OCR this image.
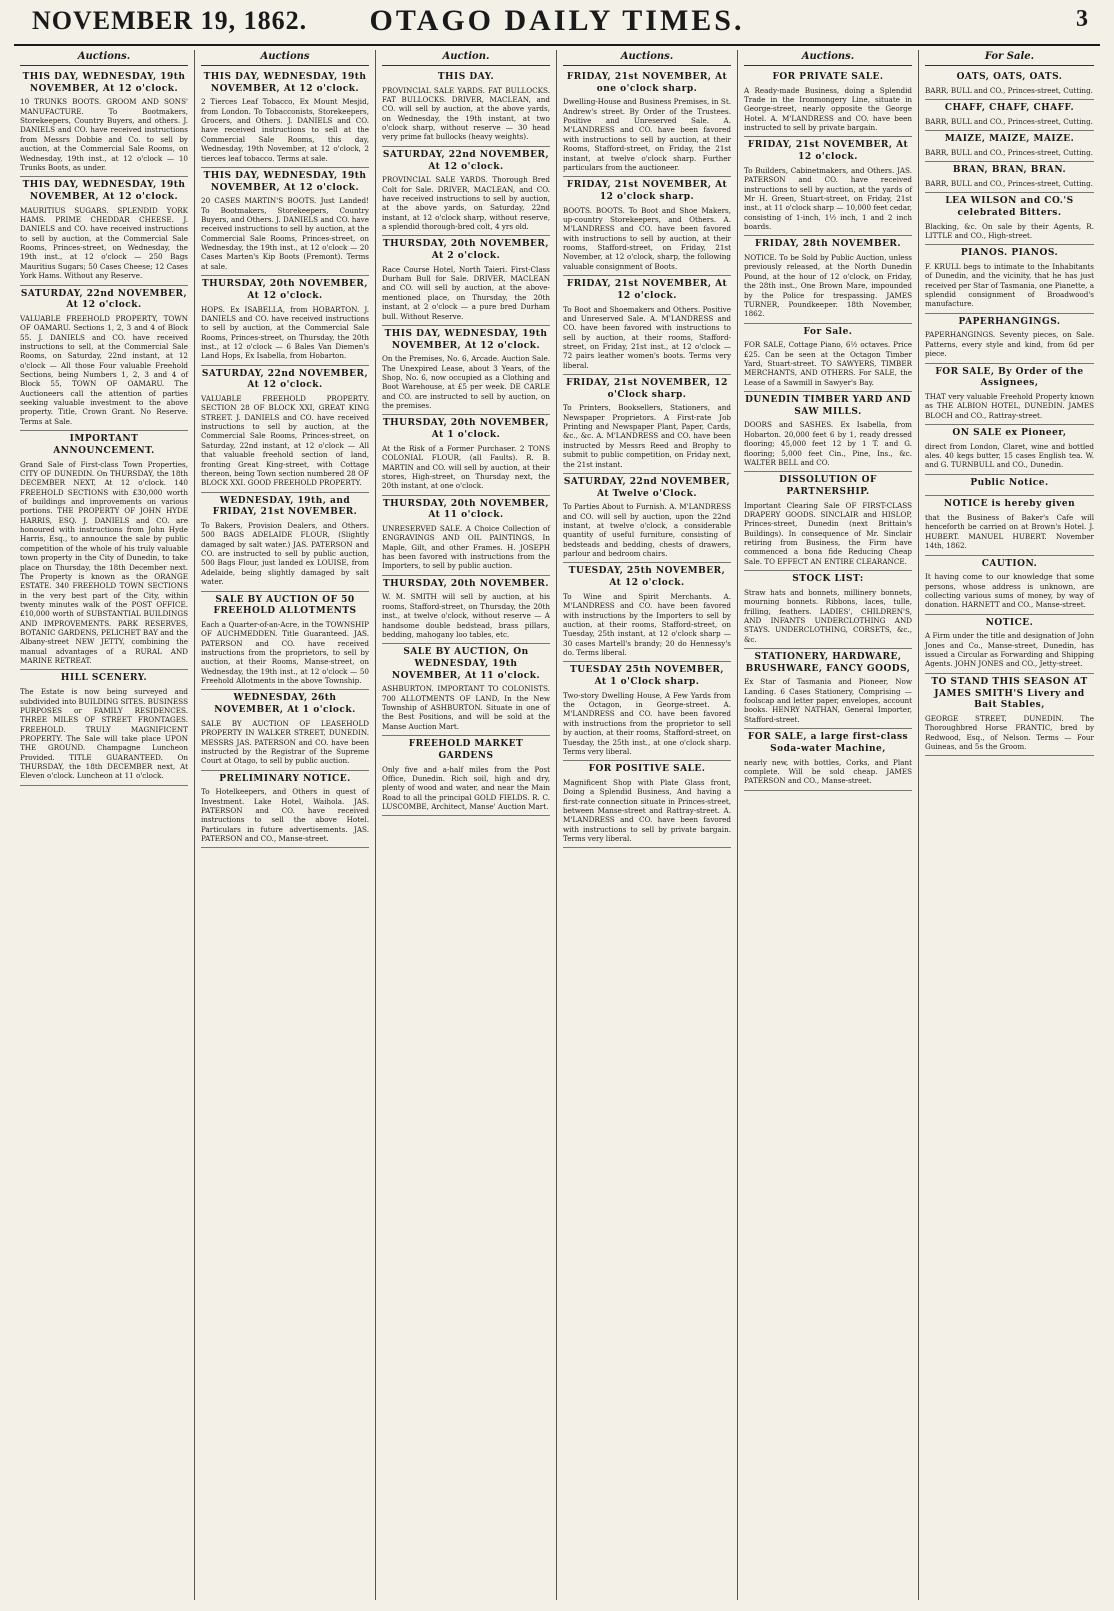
NOVEMBER 19, 1862.	OTAGO DAILY TIMES.	3
Auctions.
THIS DAY, WEDNESDAY, 19th NOVEMBER, At 12 o'clock.
10 TRUNKS BOOTS. GROOM AND SONS' MANUFACTURE. To Bootmakers, Storekeepers, Country Buyers, and others. J. DANIELS and CO. have received instructions from Messrs Dobbie and Co. to sell by auction, at the Commercial Sale Rooms, on Wednesday, 19th inst., at 12 o'clock — 10 Trunks Boots, as under.
THIS DAY, WEDNESDAY, 19th NOVEMBER, At 12 o'clock.
MAURITIUS SUGARS. SPLENDID YORK HAMS. PRIME CHEDDAR CHEESE. J. DANIELS and CO. have received instructions to sell by auction, at the Commercial Sale Rooms, Princes-street, on Wednesday, the 19th inst., at 12 o'clock — 250 Bags Mauritius Sugars; 50 Cases Cheese; 12 Cases York Hams. Without any Reserve.
SATURDAY, 22nd NOVEMBER, At 12 o'clock.
VALUABLE FREEHOLD PROPERTY, TOWN OF OAMARU. Sections 1, 2, 3 and 4 of Block 55. J. DANIELS and CO. have received instructions to sell, at the Commercial Sale Rooms, on Saturday, 22nd instant, at 12 o'clock — All those Four valuable Freehold Sections, being Numbers 1, 2, 3 and 4 of Block 55, TOWN OF OAMARU. The Auctioneers call the attention of parties seeking valuable investment to the above property. Title, Crown Grant. No Reserve. Terms at Sale.
IMPORTANT ANNOUNCEMENT.
Grand Sale of First-class Town Properties, CITY OF DUNEDIN. On THURSDAY, the 18th DECEMBER NEXT, At 12 o'clock. 140 FREEHOLD SECTIONS with £30,000 worth of buildings and improvements on various portions. THE PROPERTY OF JOHN HYDE HARRIS, ESQ. J. DANIELS and CO. are honoured with instructions from John Hyde Harris, Esq., to announce the sale by public competition of the whole of his truly valuable town property in the City of Dunedin, to take place on Thursday, the 18th December next. The Property is known as the ORANGE ESTATE. 340 FREEHOLD TOWN SECTIONS in the very best part of the City, within twenty minutes walk of the POST OFFICE. £10,000 worth of SUBSTANTIAL BUILDINGS AND IMPROVEMENTS. PARK RESERVES, BOTANIC GARDENS, PELICHET BAY and the Albany-street NEW JETTY, combining the manual advantages of a RURAL AND MARINE RETREAT.
HILL SCENERY.
The Estate is now being surveyed and subdivided into BUILDING SITES. BUSINESS PURPOSES or FAMILY RESIDENCES. THREE MILES OF STREET FRONTAGES. FREEHOLD. TRULY MAGNIFICENT PROPERTY. The Sale will take place UPON THE GROUND. Champagne Luncheon Provided. TITLE GUARANTEED. On THURSDAY, the 18th DECEMBER next, At Eleven o'clock. Luncheon at 11 o'clock.
Auctions
THIS DAY, WEDNESDAY, 19th NOVEMBER, At 12 o'clock.
2 Tierces Leaf Tobacco, Ex Mount Mesjid, from London. To Tobacconists, Storekeepers, Grocers, and Others. J. DANIELS and CO. have received instructions to sell at the Commercial Sale Rooms, this day, Wednesday, 19th November, at 12 o'clock, 2 tierces leaf tobacco. Terms at sale.
THIS DAY, WEDNESDAY, 19th NOVEMBER, At 12 o'clock.
20 CASES MARTIN'S BOOTS. Just Landed! To Bootmakers, Storekeepers, Country Buyers, and Others. J. DANIELS and CO. have received instructions to sell by auction, at the Commercial Sale Rooms, Princes-street, on Wednesday, the 19th inst., at 12 o'clock — 20 Cases Marten's Kip Boots (Fremont). Terms at sale.
THURSDAY, 20th NOVEMBER, At 12 o'clock.
HOPS. Ex ISABELLA, from HOBARTON. J. DANIELS and CO. have received instructions to sell by auction, at the Commercial Sale Rooms, Princes-street, on Thursday, the 20th inst., at 12 o'clock — 6 Bales Van Diemen's Land Hops, Ex Isabella, from Hobarton.
SATURDAY, 22nd NOVEMBER, At 12 o'clock.
VALUABLE FREEHOLD PROPERTY. SECTION 28 OF BLOCK XXI, GREAT KING STREET. J. DANIELS and CO. have received instructions to sell by auction, at the Commercial Sale Rooms, Princes-street, on Saturday, 22nd instant, at 12 o'clock — All that valuable freehold section of land, fronting Great King-street, with Cottage thereon, being Town section numbered 28 OF BLOCK XXI. GOOD FREEHOLD PROPERTY.
WEDNESDAY, 19th, and FRIDAY, 21st NOVEMBER.
To Bakers, Provision Dealers, and Others. 500 BAGS ADELAIDE FLOUR, (Slightly damaged by salt water.) JAS. PATERSON and CO. are instructed to sell by public auction, 500 Bags Flour, just landed ex LOUISE, from Adelaide, being slightly damaged by salt water.
SALE BY AUCTION OF 50 FREEHOLD ALLOTMENTS
Each a Quarter-of-an-Acre, in the TOWNSHIP OF AUCHMEDDEN. Title Guaranteed. JAS. PATERSON and CO. have received instructions from the proprietors, to sell by auction, at their Rooms, Manse-street, on Wednesday, the 19th inst., at 12 o'clock — 50 Freehold Allotments in the above Township.
WEDNESDAY, 26th NOVEMBER, At 1 o'clock.
SALE BY AUCTION OF LEASEHOLD PROPERTY IN WALKER STREET, DUNEDIN. MESSRS JAS. PATERSON and CO. have been instructed by the Registrar of the Supreme Court at Otago, to sell by public auction.
PRELIMINARY NOTICE.
To Hotelkeepers, and Others in quest of Investment. Lake Hotel, Waihola. JAS. PATERSON and CO. have received instructions to sell the above Hotel. Particulars in future advertisements. JAS. PATERSON and CO., Manse-street.
Auction.
THIS DAY.
PROVINCIAL SALE YARDS. FAT BULLOCKS. FAT BULLOCKS. DRIVER, MACLEAN, and CO. will sell by auction, at the above yards, on Wednesday, the 19th instant, at two o'clock sharp, without reserve — 30 head very prime fat bullocks (heavy weights).
SATURDAY, 22nd NOVEMBER, At 12 o'clock.
PROVINCIAL SALE YARDS. Thorough Bred Colt for Sale. DRIVER, MACLEAN, and CO. have received instructions to sell by auction, at the above yards, on Saturday, 22nd instant, at 12 o'clock sharp, without reserve, a splendid thorough-bred colt, 4 yrs old.
THURSDAY, 20th NOVEMBER, At 2 o'clock.
Race Course Hotel, North Taieri. First-Class Durham Bull for Sale. DRIVER, MACLEAN and CO. will sell by auction, at the above-mentioned place, on Thursday, the 20th instant, at 2 o'clock — a pure bred Durham bull. Without Reserve.
THIS DAY, WEDNESDAY, 19th NOVEMBER, At 12 o'clock.
On the Premises, No. 6, Arcade. Auction Sale. The Unexpired Lease, about 3 Years, of the Shop, No. 6, now occupied as a Clothing and Boot Warehouse, at £5 per week. DE CARLE and CO. are instructed to sell by auction, on the premises.
THURSDAY, 20th NOVEMBER, At 1 o'clock.
At the Risk of a Former Purchaser. 2 TONS COLONIAL FLOUR, (all Faults). R. B. MARTIN and CO. will sell by auction, at their stores, High-street, on Thursday next, the 20th instant, at one o'clock.
THURSDAY, 20th NOVEMBER, At 11 o'clock.
UNRESERVED SALE. A Choice Collection of ENGRAVINGS AND OIL PAINTINGS, In Maple, Gilt, and other Frames. H. JOSEPH has been favored with instructions from the Importers, to sell by public auction.
THURSDAY, 20th NOVEMBER.
W. M. SMITH will sell by auction, at his rooms, Stafford-street, on Thursday, the 20th inst., at twelve o'clock, without reserve — A handsome double bedstead, brass pillars, bedding, mahogany loo tables, etc.
SALE BY AUCTION, On WEDNESDAY, 19th NOVEMBER, At 11 o'clock.
ASHBURTON. IMPORTANT TO COLONISTS. 700 ALLOTMENTS OF LAND, In the New Township of ASHBURTON. Situate in one of the Best Positions, and will be sold at the Manse Auction Mart.
FREEHOLD MARKET GARDENS
Only five and a-half miles from the Post Office, Dunedin. Rich soil, high and dry, plenty of wood and water, and near the Main Road to all the principal GOLD FIELDS. R. C. LUSCOMBE, Architect, Manse' Auction Mart.
Auctions.
FRIDAY, 21st NOVEMBER, At one o'clock sharp.
Dwelling-House and Business Premises, in St. Andrew's street. By Order of the Trustees. Positive and Unreserved Sale. A. M'LANDRESS and CO. have been favored with instructions to sell by auction, at their Rooms, Stafford-street, on Friday, the 21st instant, at twelve o'clock sharp. Further particulars from the auctioneer.
FRIDAY, 21st NOVEMBER, At 12 o'clock sharp.
BOOTS. BOOTS. To Boot and Shoe Makers, up-country Storekeepers, and Others. A. M'LANDRESS and CO. have been favored with instructions to sell by auction, at their rooms, Stafford-street, on Friday, 21st November, at 12 o'clock, sharp, the following valuable consignment of Boots.
FRIDAY, 21st NOVEMBER, At 12 o'clock.
To Boot and Shoemakers and Others. Positive and Unreserved Sale. A. M'LANDRESS and CO. have been favored with instructions to sell by auction, at their rooms, Stafford-street, on Friday, 21st inst., at 12 o'clock — 72 pairs leather women's boots. Terms very liberal.
FRIDAY, 21st NOVEMBER, 12 o'Clock sharp.
To Printers, Booksellers, Stationers, and Newspaper Proprietors. A First-rate Job Printing and Newspaper Plant, Paper, Cards, &c., &c. A. M'LANDRESS and CO. have been instructed by Messrs Reed and Brophy to submit to public competition, on Friday next, the 21st instant.
SATURDAY, 22nd NOVEMBER, At Twelve o'Clock.
To Parties About to Furnish. A. M'LANDRESS and CO. will sell by auction, upon the 22nd instant, at twelve o'clock, a considerable quantity of useful furniture, consisting of bedsteads and bedding, chests of drawers, parlour and bedroom chairs.
TUESDAY, 25th NOVEMBER, At 12 o'clock.
To Wine and Spirit Merchants. A. M'LANDRESS and CO. have been favored with instructions by the Importers to sell by auction, at their rooms, Stafford-street, on Tuesday, 25th instant, at 12 o'clock sharp — 30 cases Martell's brandy; 20 do Hennessy's do. Terms liberal.
TUESDAY 25th NOVEMBER, At 1 o'Clock sharp.
Two-story Dwelling House, A Few Yards from the Octagon, in George-street. A. M'LANDRESS and CO. have been favored with instructions from the proprietor to sell by auction, at their rooms, Stafford-street, on Tuesday, the 25th inst., at one o'clock sharp. Terms very liberal.
FOR POSITIVE SALE.
Magnificent Shop with Plate Glass front, Doing a Splendid Business, And having a first-rate connection situate in Princes-street, between Manse-street and Rattray-street. A. M'LANDRESS and CO. have been favored with instructions to sell by private bargain. Terms very liberal.
Auctions.
FOR PRIVATE SALE.
A Ready-made Business, doing a Splendid Trade in the Ironmongery Line, situate in George-street, nearly opposite the George Hotel. A. M'LANDRESS and CO. have been instructed to sell by private bargain.
FRIDAY, 21st NOVEMBER, At 12 o'clock.
To Builders, Cabinetmakers, and Others. JAS. PATERSON and CO. have received instructions to sell by auction, at the yards of Mr H. Green, Stuart-street, on Friday, 21st inst., at 11 o'clock sharp — 10,000 feet cedar, consisting of 1-inch, 1½ inch, 1 and 2 inch boards.
FRIDAY, 28th NOVEMBER.
NOTICE. To be Sold by Public Auction, unless previously released, at the North Dunedin Pound, at the hour of 12 o'clock, on Friday, the 28th inst., One Brown Mare, impounded by the Police for trespassing. JAMES TURNER, Poundkeeper. 18th November, 1862.
For Sale.
FOR SALE, Cottage Piano, 6½ octaves. Price £25. Can be seen at the Octagon Timber Yard, Stuart-street. TO SAWYERS, TIMBER MERCHANTS, AND OTHERS. For SALE, the Lease of a Sawmill in Sawyer's Bay.
DUNEDIN TIMBER YARD AND SAW MILLS.
DOORS and SASHES. Ex Isabella, from Hobarton. 20,000 feet 6 by 1, ready dressed flooring; 45,000 feet 12 by 1 T. and G. flooring; 5,000 feet Cin., Pine, Ins., &c. WALTER BELL and CO.
DISSOLUTION OF PARTNERSHIP.
Important Clearing Sale OF FIRST-CLASS DRAPERY GOODS. SINCLAIR and HISLOP, Princes-street, Dunedin (next Brittain's Buildings). In consequence of Mr. Sinclair retiring from Business, the Firm have commenced a bona fide Reducing Cheap Sale. TO EFFECT AN ENTIRE CLEARANCE.
STOCK LIST:
Straw hats and bonnets, millinery bonnets, mourning bonnets. Ribbons, laces, tulle, frilling, feathers. LADIES', CHILDREN'S, AND INFANTS UNDERCLOTHING AND STAYS. UNDERCLOTHING, CORSETS, &c., &c.
STATIONERY, HARDWARE, BRUSHWARE, FANCY GOODS,
Ex Star of Tasmania and Pioneer, Now Landing. 6 Cases Stationery, Comprising — foolscap and letter paper, envelopes, account books. HENRY NATHAN, General Importer, Stafford-street.
FOR SALE, a large first-class Soda-water Machine,
nearly new, with bottles, Corks, and Plant complete. Will be sold cheap. JAMES PATERSON and CO., Manse-street.
For Sale.
OATS, OATS, OATS.
BARR, BULL and CO., Princes-street, Cutting.
CHAFF, CHAFF, CHAFF.
BARR, BULL and CO., Princes-street, Cutting.
MAIZE, MAIZE, MAIZE.
BARR, BULL and CO., Princes-street, Cutting.
BRAN, BRAN, BRAN.
BARR, BULL and CO., Princes-street, Cutting.
LEA WILSON and CO.'S celebrated Bitters.
Blacking, &c. On sale by their Agents, R. LITTLE and CO., High-street.
PIANOS. PIANOS.
F. KRULL begs to intimate to the Inhabitants of Dunedin, and the vicinity, that he has just received per Star of Tasmania, one Pianette, a splendid consignment of Broadwood's manufacture.
PAPERHANGINGS.
PAPERHANGINGS. Seventy pieces, on Sale. Patterns, every style and kind, from 6d per piece.
FOR SALE, By Order of the Assignees,
THAT very valuable Freehold Property known as THE ALBION HOTEL, DUNEDIN. JAMES BLOCH and CO., Rattray-street.
ON SALE ex Pioneer,
direct from London, Claret, wine and bottled ales. 40 kegs butter, 15 cases English tea. W. and G. TURNBULL and CO., Dunedin.
Public Notice.
NOTICE is hereby given
that the Business of Baker's Cafe will henceforth be carried on at Brown's Hotel. J. HUBERT. MANUEL HUBERT. November 14th, 1862.
CAUTION.
It having come to our knowledge that some persons, whose address is unknown, are collecting various sums of money, by way of donation. HARNETT and CO., Manse-street.
NOTICE.
A Firm under the title and designation of John Jones and Co., Manse-street, Dunedin, has issued a Circular as Forwarding and Shipping Agents. JOHN JONES and CO., Jetty-street.
TO STAND THIS SEASON AT JAMES SMITH'S Livery and Bait Stables,
GEORGE STREET, DUNEDIN. The Thoroughbred Horse FRANTIC, bred by Redwood, Esq., of Nelson. Terms — Four Guineas, and 5s the Groom.
